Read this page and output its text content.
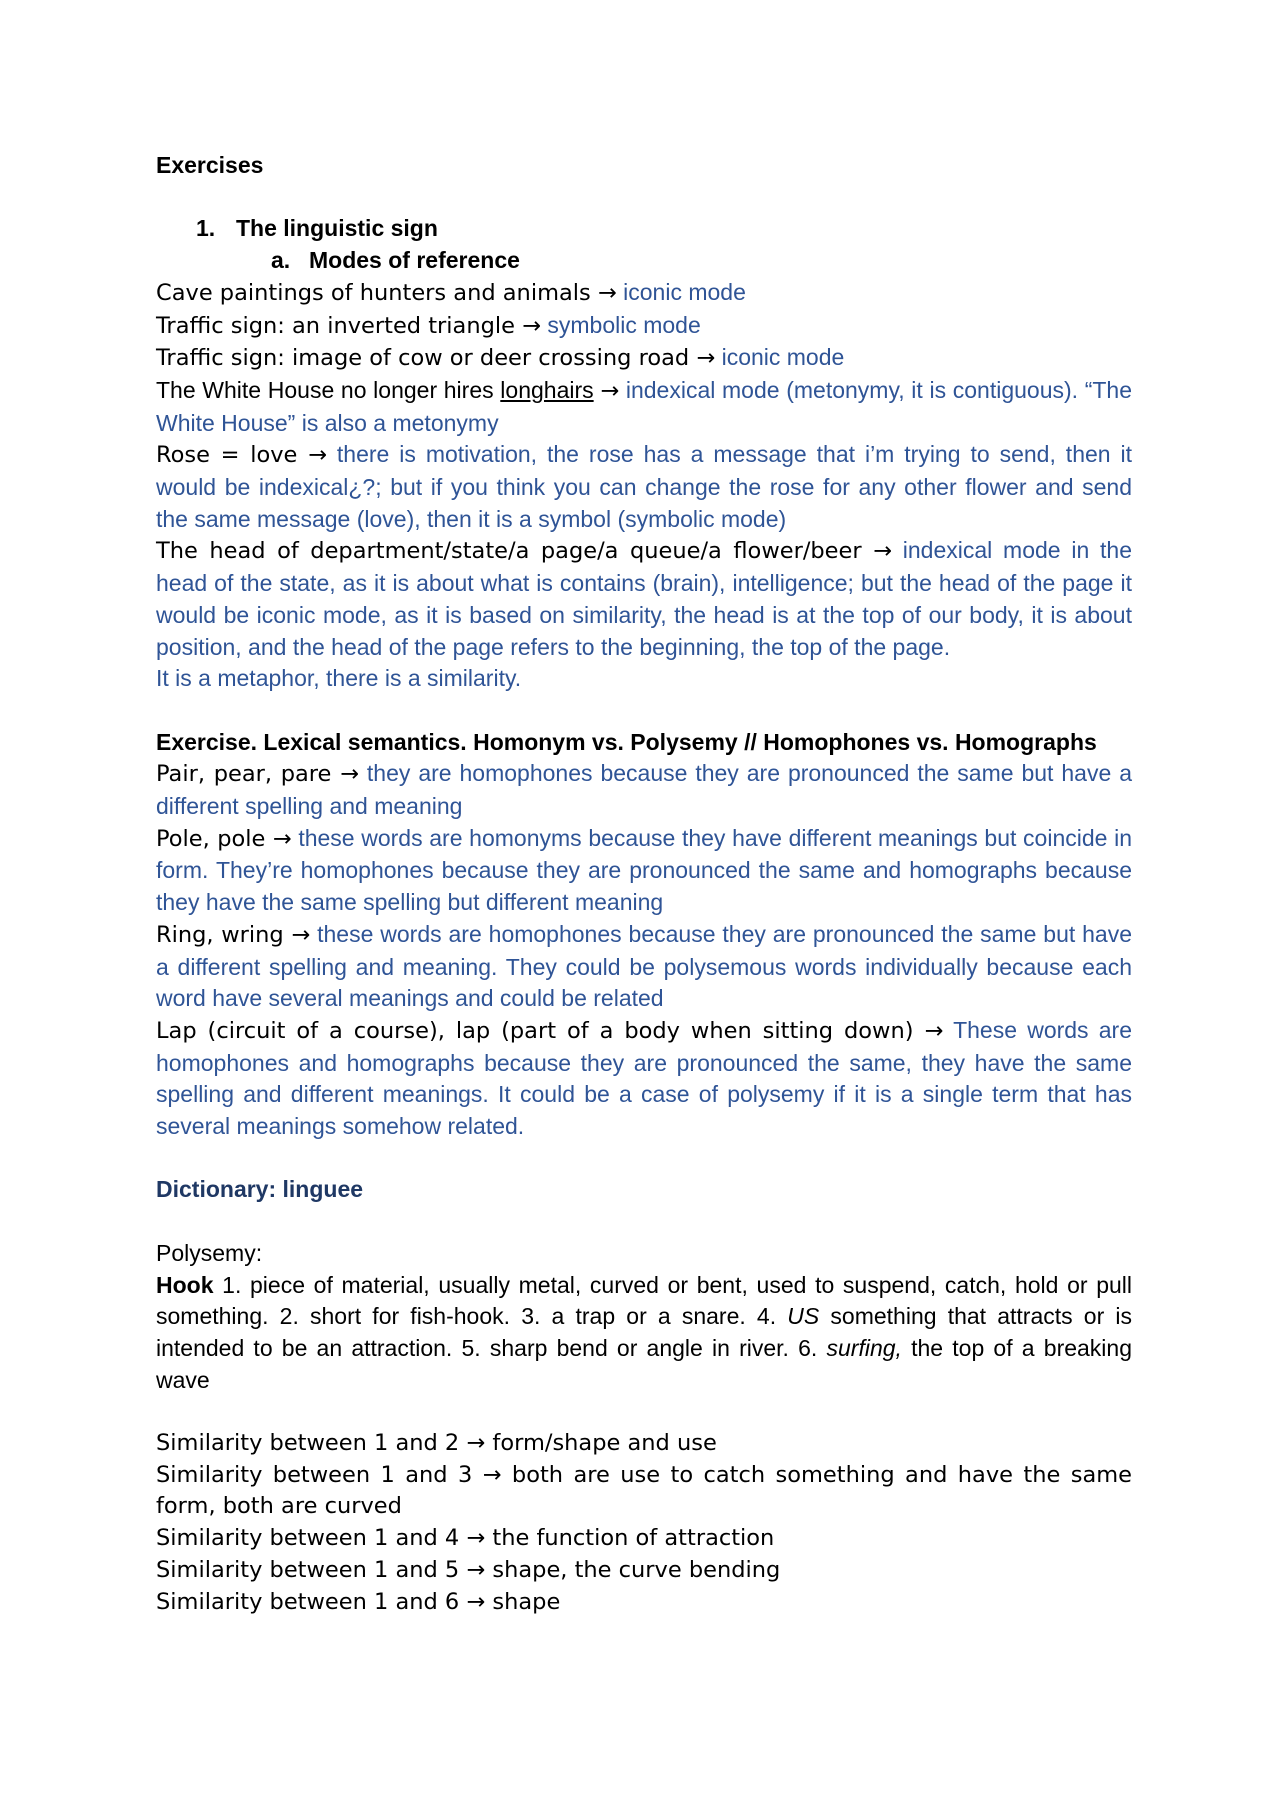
Exercises

1. The linguistic sign

a. Modes of reference

Cave paintings of hunters and animals → iconic mode

Traffic sign: an inverted triangle → symbolic mode

Traffic sign: image of cow or deer crossing road → iconic mode

The White House no longer hires longhairs → indexical mode (metonymy, it is contiguous). “The White House” is also a metonymy

Rose = love → there is motivation, the rose has a message that i’m trying to send, then it would be indexical¿?; but if you think you can change the rose for any other flower and send the same message (love), then it is a symbol (symbolic mode)

The head of department/state/a page/a queue/a flower/beer → indexical mode in the head of the state, as it is about what is contains (brain), intelligence; but the head of the page it would be iconic mode, as it is based on similarity, the head is at the top of our body, it is about position, and the head of the page refers to the beginning, the top of the page.

It is a metaphor, there is a similarity.

Exercise. Lexical semantics. Homonym vs. Polysemy // Homophones vs. Homographs

Pair, pear, pare → they are homophones because they are pronounced the same but have a different spelling and meaning

Pole, pole → these words are homonyms because they have different meanings but coincide in form. They’re homophones because they are pronounced the same and homographs because they have the same spelling but different meaning

Ring, wring → these words are homophones because they are pronounced the same but have a different spelling and meaning. They could be polysemous words individually because each word have several meanings and could be related

Lap (circuit of a course), lap (part of a body when sitting down) → These words are homophones and homographs because they are pronounced the same, they have the same spelling and different meanings. It could be a case of polysemy if it is a single term that has several meanings somehow related.

Dictionary: linguee

Polysemy:

Hook 1. piece of material, usually metal, curved or bent, used to suspend, catch, hold or pull something. 2. short for fish-hook. 3. a trap or a snare. 4. US something that attracts or is intended to be an attraction. 5. sharp bend or angle in river. 6. surfing, the top of a breaking wave

Similarity between 1 and 2 → form/shape and use

Similarity between 1 and 3 → both are use to catch something and have the same form, both are curved

Similarity between 1 and 4 → the function of attraction

Similarity between 1 and 5 → shape, the curve bending

Similarity between 1 and 6 → shape
